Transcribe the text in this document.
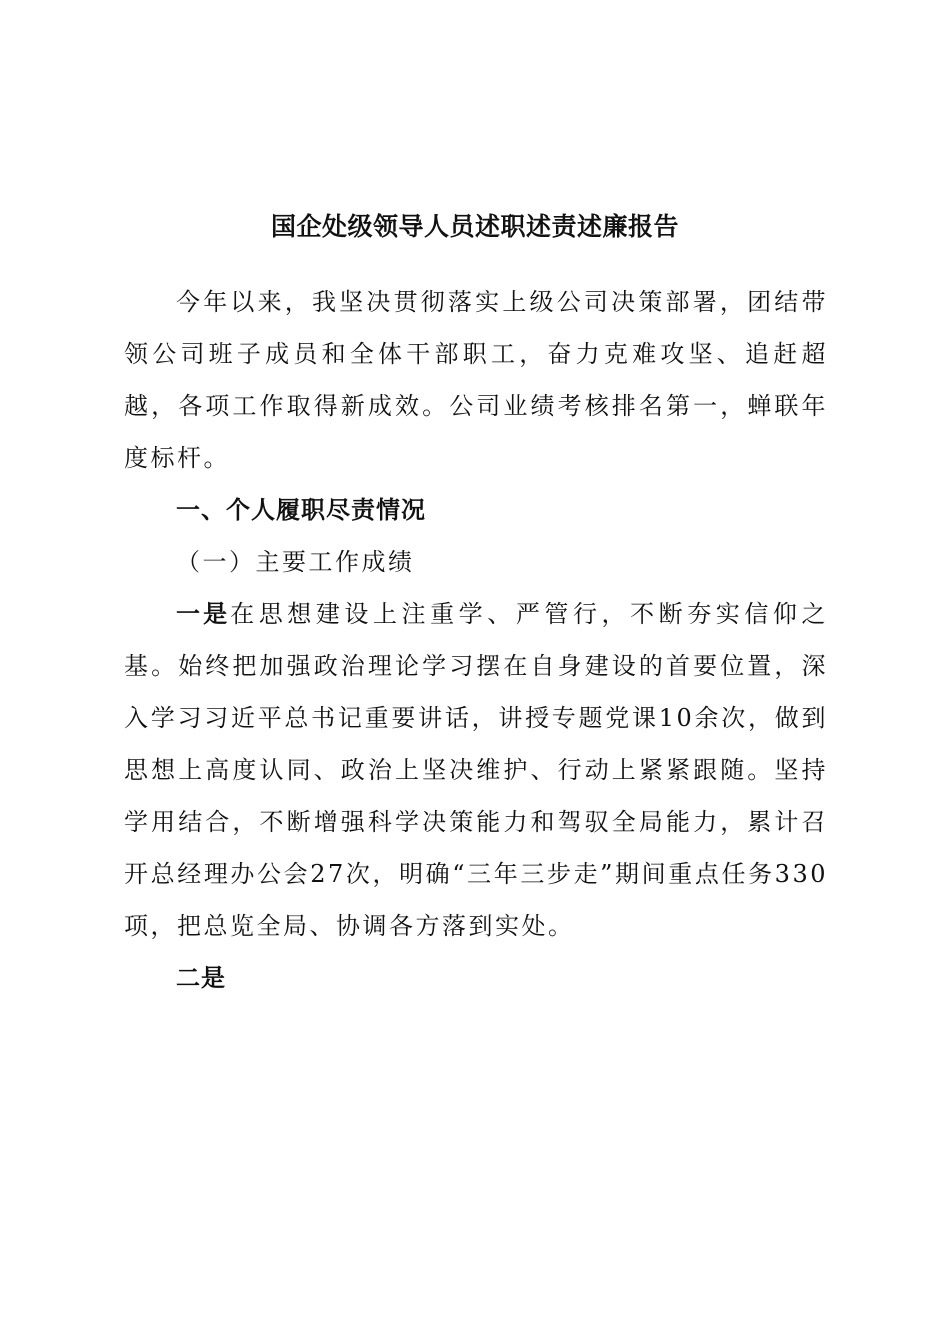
国企处级领导人员述职述责述廉报告

今年以来，我坚决贯彻落实上级公司决策部署，团结带领公司班子成员和全体干部职工，奋力克难攻坚、追赶超越，各项工作取得新成效。公司业绩考核排名第一，蝉联年度标杆。

一、个人履职尽责情况

（一）主要工作成绩

一是在思想建设上注重学、严管行，不断夯实信仰之基。始终把加强政治理论学习摆在自身建设的首要位置，深入学习习近平总书记重要讲话，讲授专题党课10余次，做到思想上高度认同、政治上坚决维护、行动上紧紧跟随。坚持学用结合，不断增强科学决策能力和驾驭全局能力，累计召开总经理办公会27次，明确“三年三步走”期间重点任务330项，把总览全局、协调各方落到实处。

二是
